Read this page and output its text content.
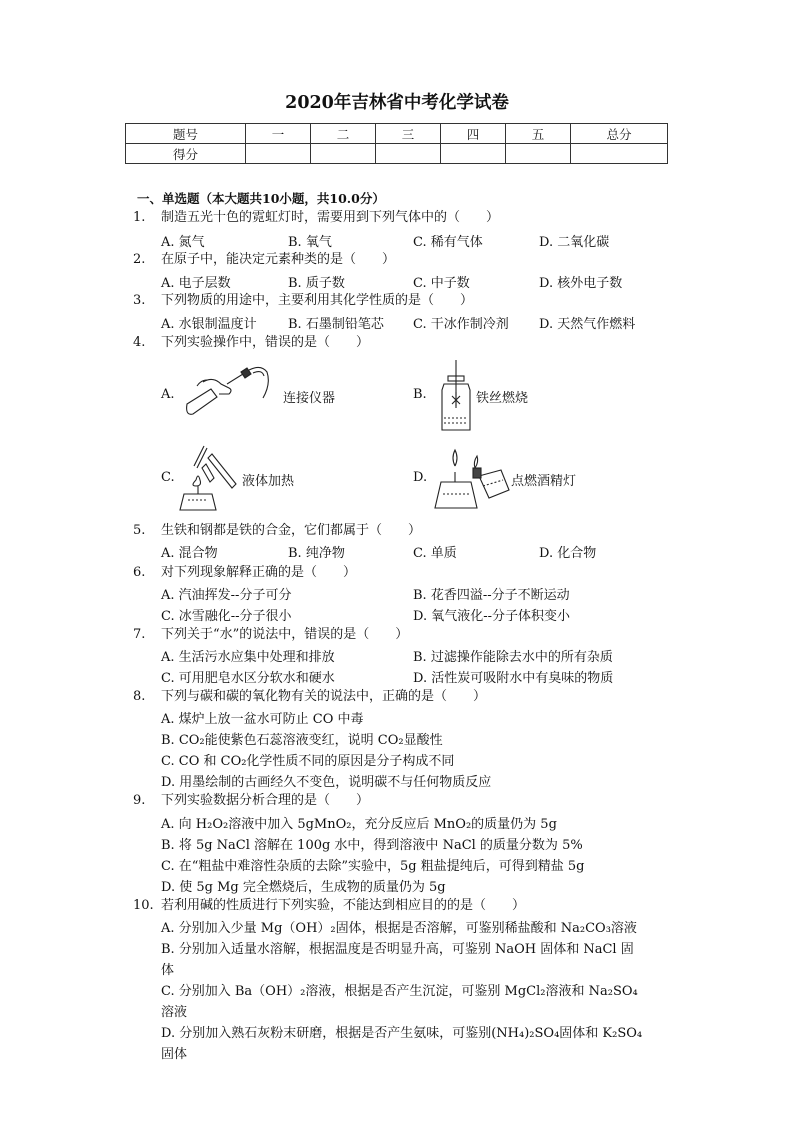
2020年吉林省中考化学试卷
题号	一	二	三	四	五	总分
得分						
一、单选题（本大题共10小题，共10.0分）
1. 制造五光十色的霓虹灯时，需要用到下列气体中的（　　）
A. 氮气	B. 氧气	C. 稀有气体	D. 二氧化碳
2. 在原子中，能决定元素种类的是（　　）
A. 电子层数	B. 质子数	C. 中子数	D. 核外电子数
3. 下列物质的用途中，主要利用其化学性质的是（　　）
A. 水银制温度计 B. 石墨制铅笔芯 C. 干冰作制冷剂 D. 天然气作燃料
4. 下列实验操作中，错误的是（　　）
A.	连接仪器	B.	铁丝燃烧
C.	液体加热	D.	点燃酒精灯
5. 生铁和钢都是铁的合金，它们都属于（　　）
A. 混合物	B. 纯净物	C. 单质	D. 化合物
6. 对下列现象解释正确的是（　　）
A. 汽油挥发--分子可分	B. 花香四溢--分子不断运动
C. 冰雪融化--分子很小	D. 氧气液化--分子体积变小
7. 下列关于“水”的说法中，错误的是（　　）
A. 生活污水应集中处理和排放	B. 过滤操作能除去水中的所有杂质
C. 可用肥皂水区分软水和硬水	D. 活性炭可吸附水中有臭味的物质
8. 下列与碳和碳的氧化物有关的说法中，正确的是（　　）
A. 煤炉上放一盆水可防止 CO 中毒
B. CO₂能使紫色石蕊溶液变红，说明 CO₂显酸性
C. CO 和 CO₂化学性质不同的原因是分子构成不同
D. 用墨绘制的古画经久不变色，说明碳不与任何物质反应
9. 下列实验数据分析合理的是（　　）
A. 向 H₂O₂溶液中加入 5gMnO₂，充分反应后 MnO₂的质量仍为 5g
B. 将 5g NaCl 溶解在 100g 水中，得到溶液中 NaCl 的质量分数为 5%
C. 在“粗盐中难溶性杂质的去除”实验中，5g 粗盐提纯后，可得到精盐 5g
D. 使 5g Mg 完全燃烧后，生成物的质量仍为 5g
10. 若利用碱的性质进行下列实验，不能达到相应目的的是（　　）
A. 分别加入少量 Mg（OH）₂固体，根据是否溶解，可鉴别稀盐酸和 Na₂CO₃溶液
B. 分别加入适量水溶解，根据温度是否明显升高，可鉴别 NaOH 固体和 NaCl 固
体
C. 分别加入 Ba（OH）₂溶液，根据是否产生沉淀，可鉴别 MgCl₂溶液和 Na₂SO₄
溶液
D. 分别加入熟石灰粉末研磨，根据是否产生氨味，可鉴别(NH₄)₂SO₄固体和 K₂SO₄
固体
